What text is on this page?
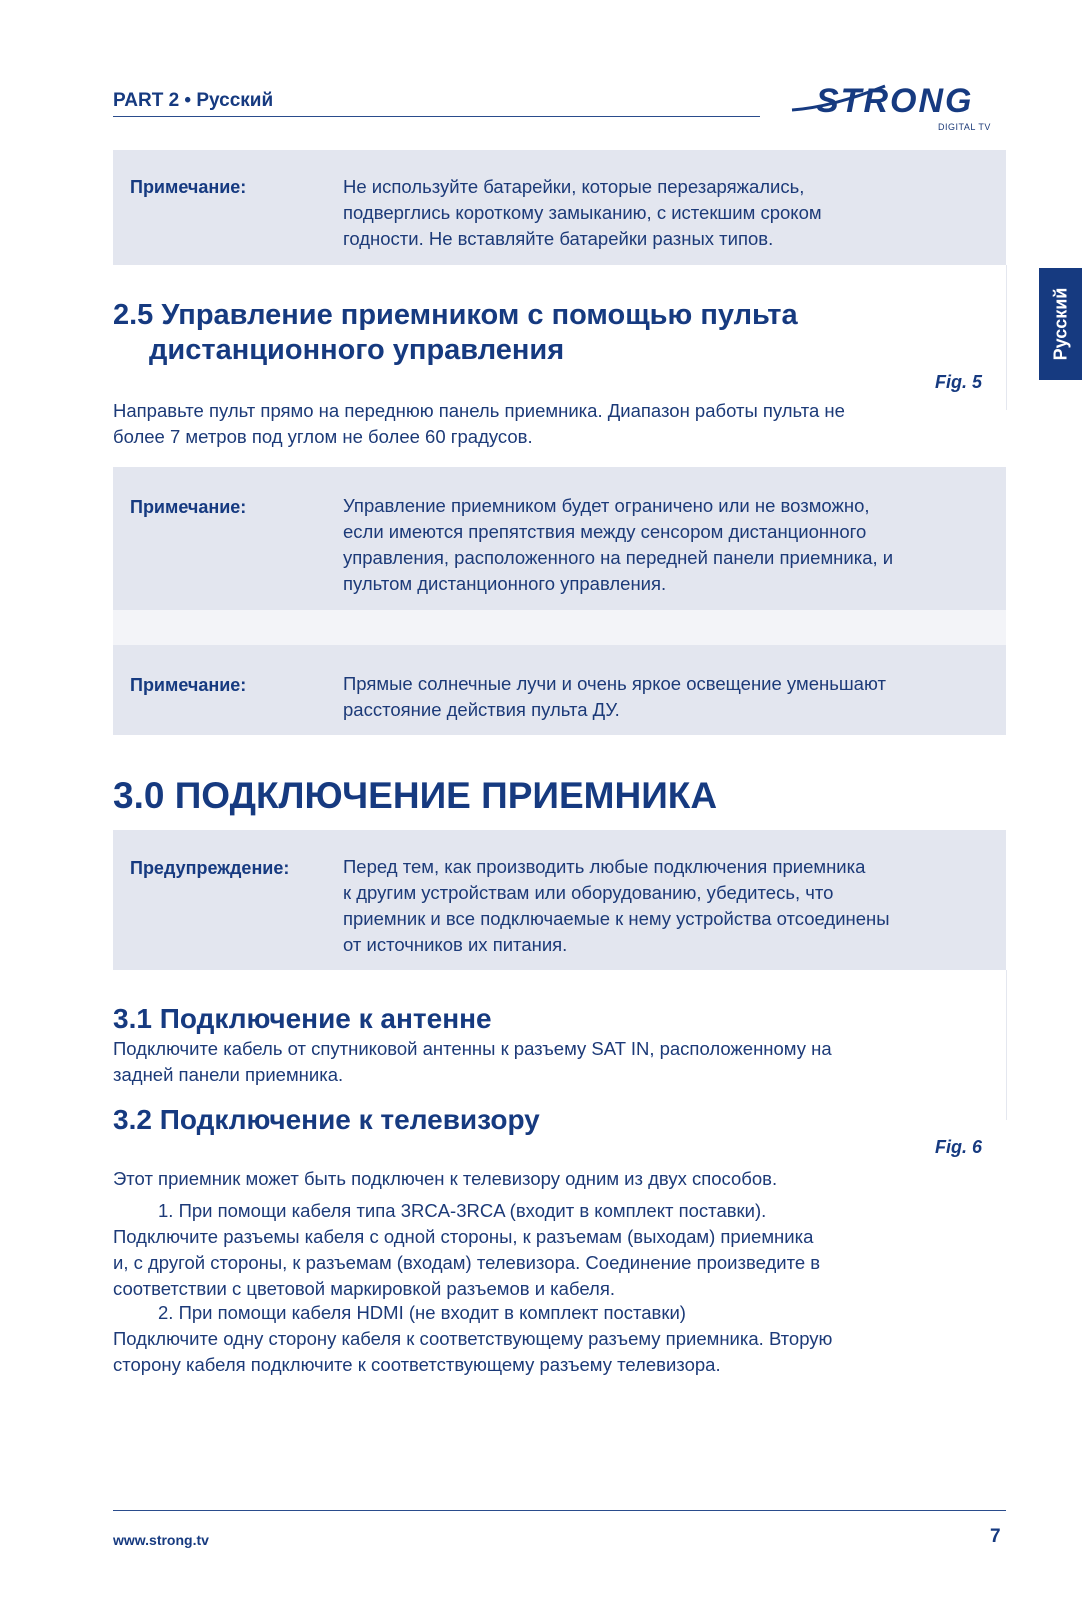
PART 2 • Русский	STRONG
DIGITAL TV
Русский
Примечание:	Не используйте батарейки, которые перезаряжались,
подверглись короткому замыканию, с истекшим сроком
годности. Не вставляйте батарейки разных типов.
2.5 Управление приемником с помощью пульта
дистанционного управления
Fig. 5
Направьте пульт прямо на переднюю панель приемника. Диапазон работы пульта не
более 7 метров под углом не более 60 градусов.
Примечание:	Управление приемником будет ограничено или не возможно,
если имеются препятствия между сенсором дистанционного
управления, расположенного на передней панели приемника, и
пультом дистанционного управления.
Примечание:	Прямые солнечные лучи и очень яркое освещение уменьшают
расстояние действия пульта ДУ.
3.0 ПОДКЛЮЧЕНИЕ ПРИЕМНИКА
Предупреждение:	Перед тем, как производить любые подключения приемника
к другим устройствам или оборудованию, убедитесь, что
приемник и все подключаемые к нему устройства отсоединены
от источников их питания.
3.1 Подключение к антенне
Подключите кабель от спутниковой антенны к разъему SAT IN, расположенному на
задней панели приемника.
3.2 Подключение к телевизору
Fig. 6
Этот приемник может быть подключен к телевизору одним из двух способов.
1. При помощи кабеля типа 3RCA-3RCA (входит в комплект поставки).
Подключите разъемы кабеля с одной стороны, к разъемам (выходам) приемника
и, с другой стороны, к разъемам (входам) телевизора. Соединение произведите в
соответствии с цветовой маркировкой разъемов и кабеля.
2. При помощи кабеля HDMI (не входит в комплект поставки)
Подключите одну сторону кабеля к соответствующему разъему приемника. Вторую
сторону кабеля подключите к соответствующему разъему телевизора.
www.strong.tv	7
